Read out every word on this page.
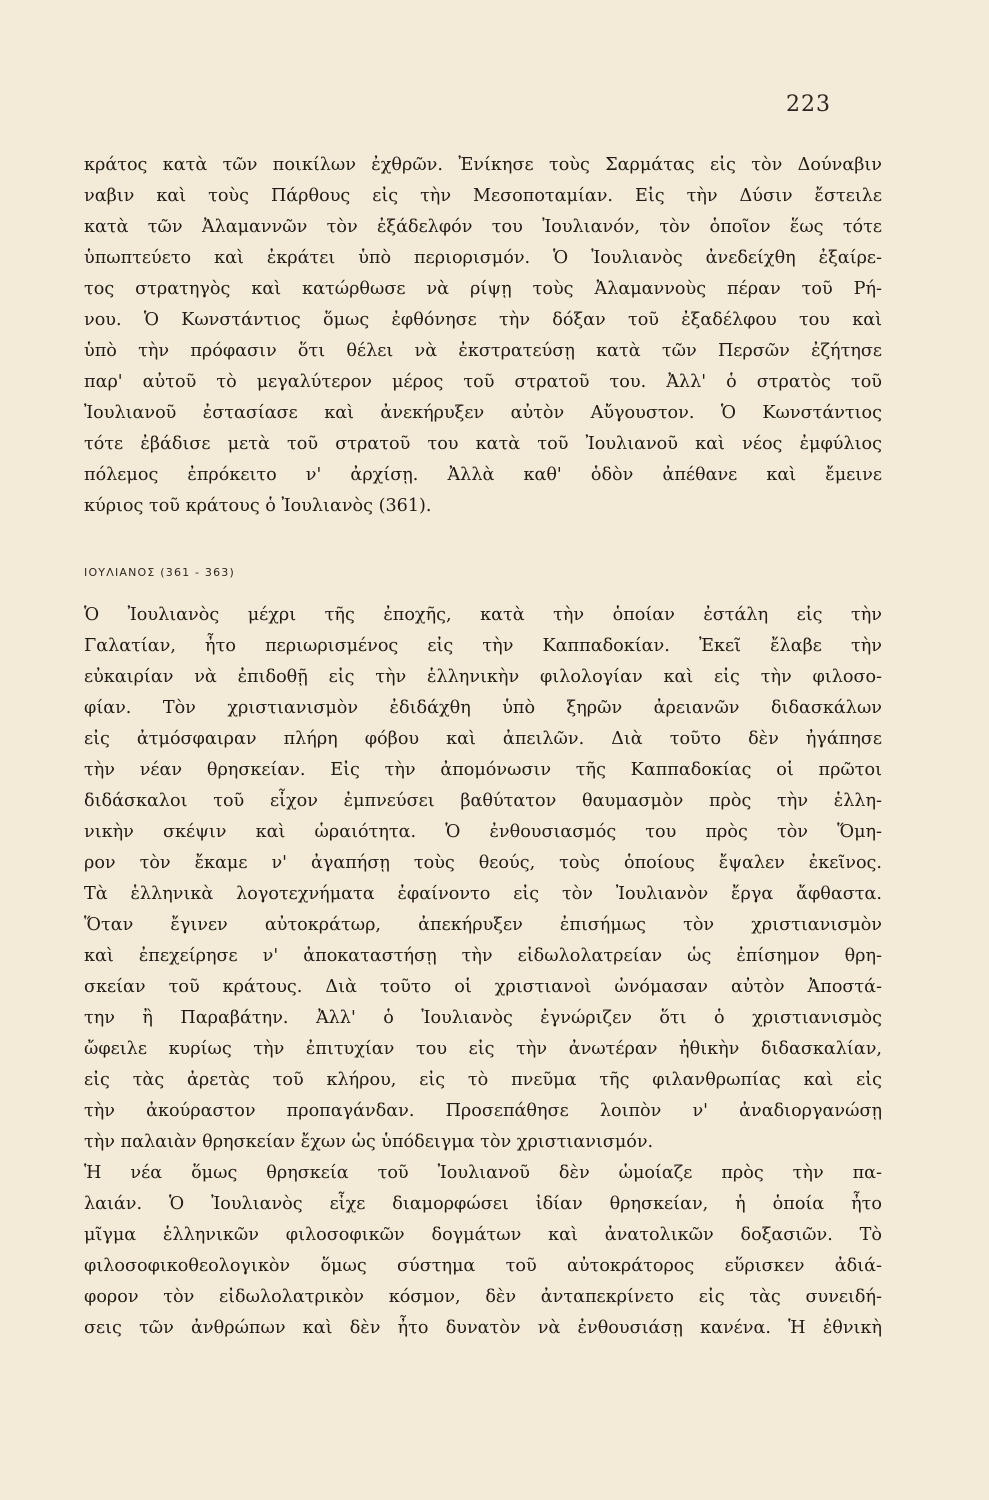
223
κράτος κατὰ τῶν ποικίλων ἐχθρῶν. Ἐνίκησε τοὺς Σαρμάτας εἰς τὸν Δούναβιν
ναβιν καὶ τοὺς Πάρθους εἰς τὴν Μεσοποταμίαν. Εἰς τὴν Δύσιν ἔστειλε
κατὰ τῶν Ἀλαμαννῶν τὸν ἐξάδελφόν του Ἰουλιανόν, τὸν ὁποῖον ἕως τότε
ὑπωπτεύετο καὶ ἐκράτει ὑπὸ περιορισμόν. Ὁ Ἰουλιανὸς ἀνεδείχθη ἐξαίρε-
τος στρατηγὸς καὶ κατώρθωσε νὰ ρίψῃ τοὺς Ἀλαμαννοὺς πέραν τοῦ Ρή-
νου. Ὁ Κωνστάντιος ὅμως ἐφθόνησε τὴν δόξαν τοῦ ἐξαδέλφου του καὶ
ὑπὸ τὴν πρόφασιν ὅτι θέλει νὰ ἐκστρατεύσῃ κατὰ τῶν Περσῶν ἐζήτησε
παρ' αὐτοῦ τὸ μεγαλύτερον μέρος τοῦ στρατοῦ του. Ἀλλ' ὁ στρατὸς τοῦ
Ἰουλιανοῦ ἐστασίασε καὶ ἀνεκήρυξεν αὐτὸν Αὔγουστον. Ὁ Κωνστάντιος
τότε ἐβάδισε μετὰ τοῦ στρατοῦ του κατὰ τοῦ Ἰουλιανοῦ καὶ νέος ἐμφύλιος
πόλεμος ἐπρόκειτο ν' ἀρχίσῃ. Ἀλλὰ καθ' ὁδὸν ἀπέθανε καὶ ἔμεινε
κύριος τοῦ κράτους ὁ Ἰουλιανὸς (361).
ΙΟΥΛΙΑΝΟΣ (361 - 363)
Ὁ Ἰουλιανὸς μέχρι τῆς ἐποχῆς, κατὰ τὴν ὁποίαν ἐστάλη εἰς τὴν
Γαλατίαν, ἦτο περιωρισμένος εἰς τὴν Καππαδοκίαν. Ἐκεῖ ἔλαβε τὴν
εὐκαιρίαν νὰ ἐπιδοθῇ εἰς τὴν ἑλληνικὴν φιλολογίαν καὶ εἰς τὴν φιλοσο-
φίαν. Τὸν χριστιανισμὸν ἐδιδάχθη ὑπὸ ξηρῶν ἀρειανῶν διδασκάλων
εἰς ἀτμόσφαιραν πλήρη φόβου καὶ ἀπειλῶν. Διὰ τοῦτο δὲν ἠγάπησε
τὴν νέαν θρησκείαν. Εἰς τὴν ἀπομόνωσιν τῆς Καππαδοκίας οἱ πρῶτοι
διδάσκαλοι τοῦ εἶχον ἐμπνεύσει βαθύτατον θαυμασμὸν πρὸς τὴν ἑλλη-
νικὴν σκέψιν καὶ ὡραιότητα. Ὁ ἐνθουσιασμός του πρὸς τὸν Ὅμη-
ρον τὸν ἔκαμε ν' ἀγαπήσῃ τοὺς θεούς, τοὺς ὁποίους ἔψαλεν ἐκεῖνος.
Τὰ ἑλληνικὰ λογοτεχνήματα ἐφαίνοντο εἰς τὸν Ἰουλιανὸν ἔργα ἄφθαστα.
Ὅταν ἔγινεν αὐτοκράτωρ, ἀπεκήρυξεν ἐπισήμως τὸν χριστιανισμὸν
καὶ ἐπεχείρησε ν' ἀποκαταστήσῃ τὴν εἰδωλολατρείαν ὡς ἐπίσημον θρη-
σκείαν τοῦ κράτους. Διὰ τοῦτο οἱ χριστιανοὶ ὠνόμασαν αὐτὸν Ἀποστά-
την ἢ Παραβάτην. Ἀλλ' ὁ Ἰουλιανὸς ἐγνώριζεν ὅτι ὁ χριστιανισμὸς
ὤφειλε κυρίως τὴν ἐπιτυχίαν του εἰς τὴν ἀνωτέραν ἠθικὴν διδασκαλίαν,
εἰς τὰς ἀρετὰς τοῦ κλήρου, εἰς τὸ πνεῦμα τῆς φιλανθρωπίας καὶ εἰς
τὴν ἀκούραστον προπαγάνδαν. Προσεπάθησε λοιπὸν ν' ἀναδιοργανώσῃ
τὴν παλαιὰν θρησκείαν ἔχων ὡς ὑπόδειγμα τὸν χριστιανισμόν.
Ἡ νέα ὅμως θρησκεία τοῦ Ἰουλιανοῦ δὲν ὡμοίαζε πρὸς τὴν πα-
λαιάν. Ὁ Ἰουλιανὸς εἶχε διαμορφώσει ἰδίαν θρησκείαν, ἡ ὁποία ἦτο
μῖγμα ἑλληνικῶν φιλοσοφικῶν δογμάτων καὶ ἀνατολικῶν δοξασιῶν. Τὸ
φιλοσοφικοθεολογικὸν ὅμως σύστημα τοῦ αὐτοκράτορος εὕρισκεν ἀδιά-
φορον τὸν εἰδωλολατρικὸν κόσμον, δὲν ἀνταπεκρίνετο εἰς τὰς συνειδή-
σεις τῶν ἀνθρώπων καὶ δὲν ἦτο δυνατὸν νὰ ἐνθουσιάσῃ κανένα. Ἡ ἐθνικὴ
